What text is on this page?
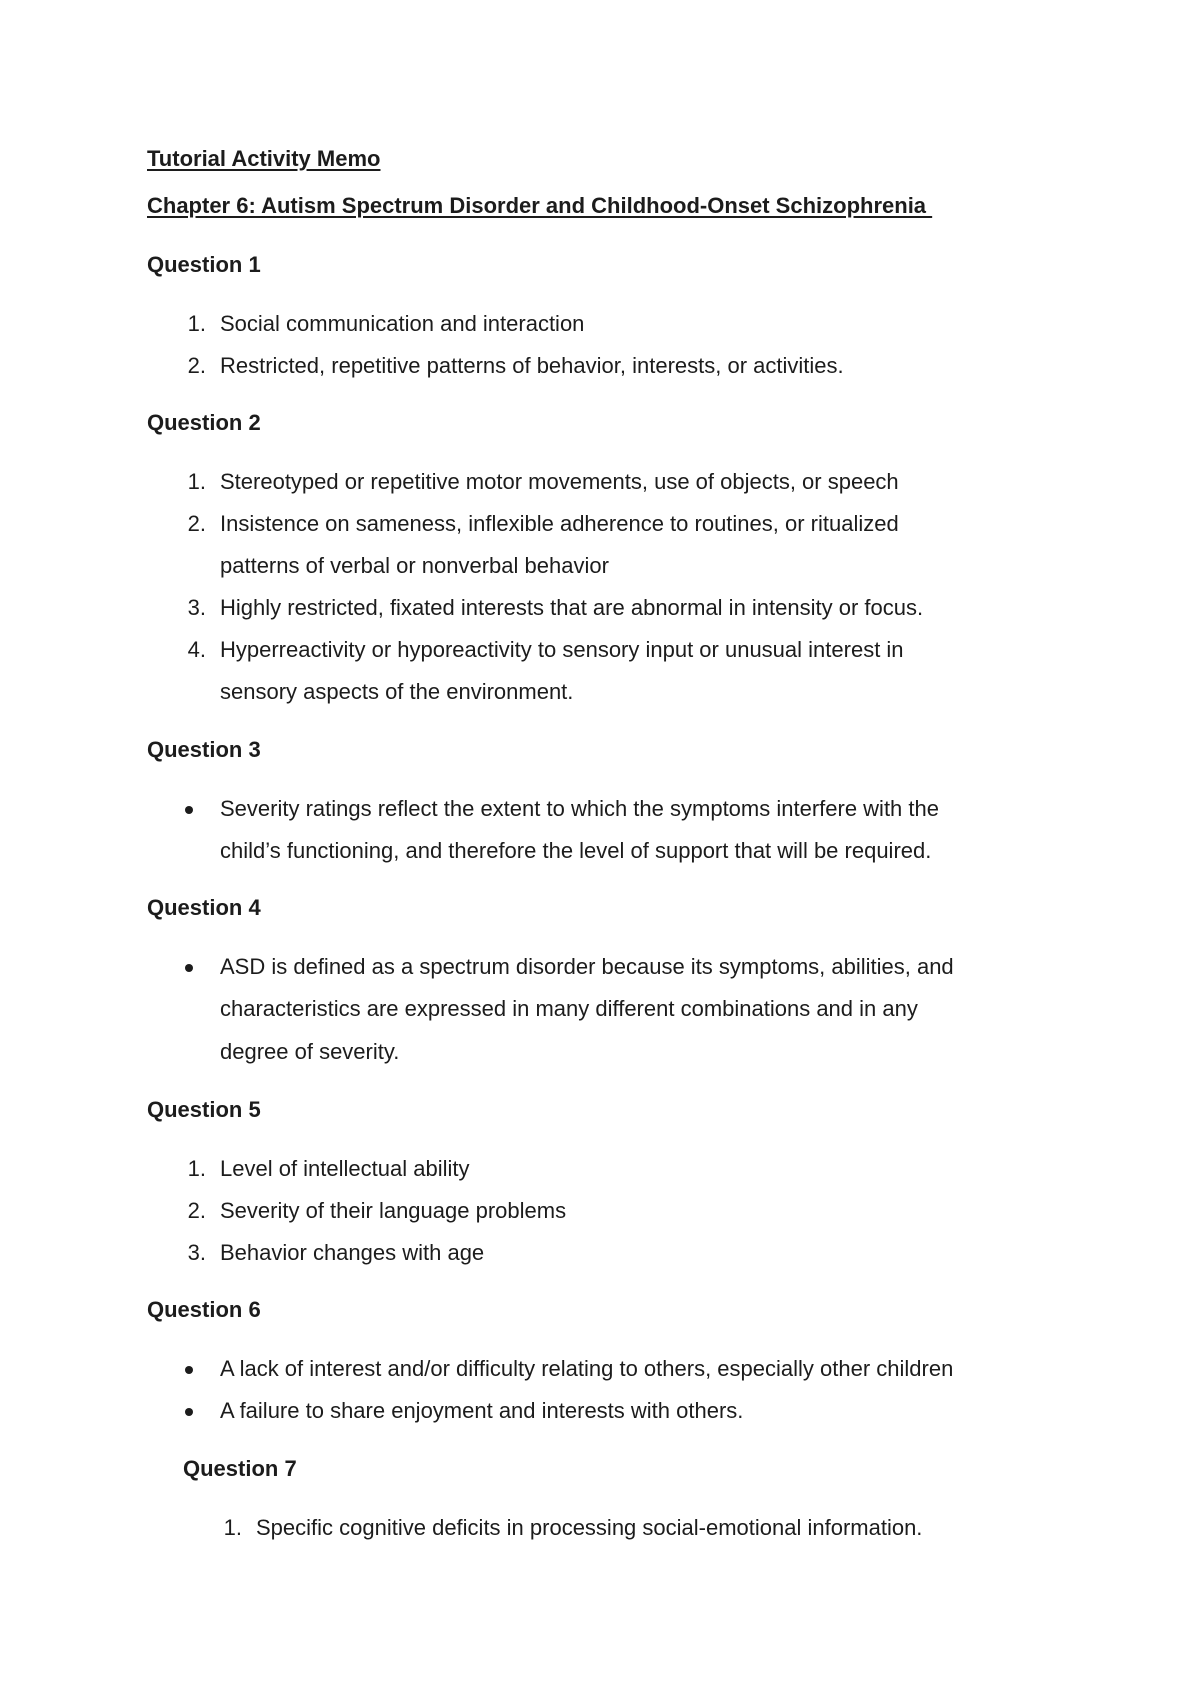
Tutorial Activity Memo
Chapter 6: Autism Spectrum Disorder and Childhood-Onset Schizophrenia
Question 1
1. Social communication and interaction
2. Restricted, repetitive patterns of behavior, interests, or activities.
Question 2
1. Stereotyped or repetitive motor movements, use of objects, or speech
2. Insistence on sameness, inflexible adherence to routines, or ritualized
patterns of verbal or nonverbal behavior
3. Highly restricted, fixated interests that are abnormal in intensity or focus.
4. Hyperreactivity or hyporeactivity to sensory input or unusual interest in
sensory aspects of the environment.
Question 3
Severity ratings reflect the extent to which the symptoms interfere with the
child’s functioning, and therefore the level of support that will be required.
Question 4
ASD is defined as a spectrum disorder because its symptoms, abilities, and
characteristics are expressed in many different combinations and in any
degree of severity.
Question 5
1. Level of intellectual ability
2. Severity of their language problems
3. Behavior changes with age
Question 6
A lack of interest and/or difficulty relating to others, especially other children
A failure to share enjoyment and interests with others.
Question 7
1. Specific cognitive deficits in processing social-emotional information.
